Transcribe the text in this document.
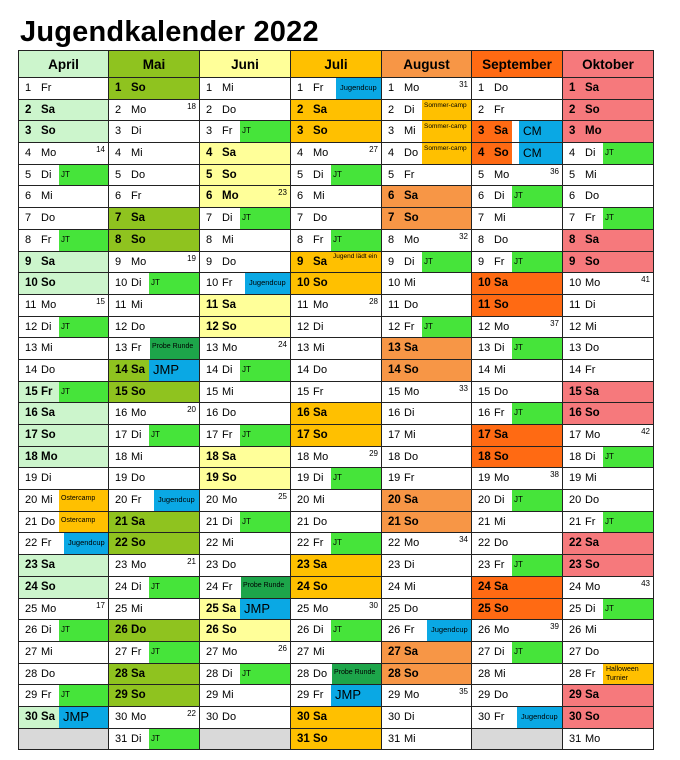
Jugendkalender 2022
April	Mai	Juni	Juli	August	September	Oktober

1 Fr	1 So	1 Mi	1 Fr Jugendcup	1 Mo 31	1 Do	1 Sa

2 Sa	2 Mo 18	2 Do	2 Sa	2 Di Sommer-camp	2 Fr	2 So

3 So	3 Di	3 Fr JT	3 So	3 Mi Sommer-camp	3 Sa CM	3 Mo

4 Mo 14	4 Mi	4 Sa	4 Mo 27	4 Do Sommer-camp	4 So CM	4 Di JT

5 Di JT	5 Do	5 So	5 Di JT	5 Fr	5 Mo 36	5 Mi

6 Mi	6 Fr	6 Mo 23	6 Mi	6 Sa	6 Di JT	6 Do

7 Do	7 Sa	7 Di JT	7 Do	7 So	7 Mi	7 Fr JT

8 Fr JT	8 So	8 Mi	8 Fr JT	8 Mo 32	8 Do	8 Sa

9 Sa	9 Mo 19	9 Do	9 Sa Jugend lädt ein	9 Di JT	9 Fr JT	9 So

10 So	10 Di JT	10 Fr Jugendcup	10 So	10 Mi	10 Sa	10 Mo 41

11 Mo 15	11 Mi	11 Sa	11 Mo 28	11 Do	11 So	11 Di

12 Di JT	12 Do	12 So	12 Di	12 Fr JT	12 Mo 37	12 Mi

13 Mi	13 Fr Probe Runde	13 Mo 24	13 Mi	13 Sa	13 Di JT	13 Do

14 Do	14 Sa JMP	14 Di JT	14 Do	14 So	14 Mi	14 Fr

15 Fr JT	15 So	15 Mi	15 Fr	15 Mo 33	15 Do	15 Sa

16 Sa	16 Mo 20	16 Do	16 Sa	16 Di	16 Fr JT	16 So

17 So	17 Di JT	17 Fr JT	17 So	17 Mi	17 Sa	17 Mo 42

18 Mo	18 Mi	18 Sa	18 Mo 29	18 Do	18 So	18 Di JT

19 Di	19 Do	19 So	19 Di JT	19 Fr	19 Mo 38	19 Mi

20 Mi Ostercamp	20 Fr Jugendcup	20 Mo 25	20 Mi	20 Sa	20 Di JT	20 Do

21 Do Ostercamp	21 Sa	21 Di JT	21 Do	21 So	21 Mi	21 Fr JT

22 Fr Jugendcup	22 So	22 Mi	22 Fr JT	22 Mo 34	22 Do	22 Sa

23 Sa	23 Mo 21	23 Do	23 Sa	23 Di	23 Fr JT	23 So

24 So	24 Di JT	24 Fr Probe Runde	24 So	24 Mi	24 Sa	24 Mo 43

25 Mo 17	25 Mi	25 Sa JMP	25 Mo 30	25 Do	25 So	25 Di JT

26 Di JT	26 Do	26 So	26 Di JT	26 Fr Jugendcup	26 Mo 39	26 Mi

27 Mi	27 Fr JT	27 Mo 26	27 Mi	27 Sa	27 Di JT	27 Do

28 Do	28 Sa	28 Di JT	28 Do Probe Runde	28 So	28 Mi	28 Fr Halloween Turnier

29 Fr JT	29 So	29 Mi	29 Fr JMP	29 Mo 35	29 Do	29 Sa

30 Sa JMP	30 Mo 22	30 Do	30 Sa	30 Di	30 Fr Jugendcup	30 So

	31 Di JT		31 So	31 Mi		31 Mo
